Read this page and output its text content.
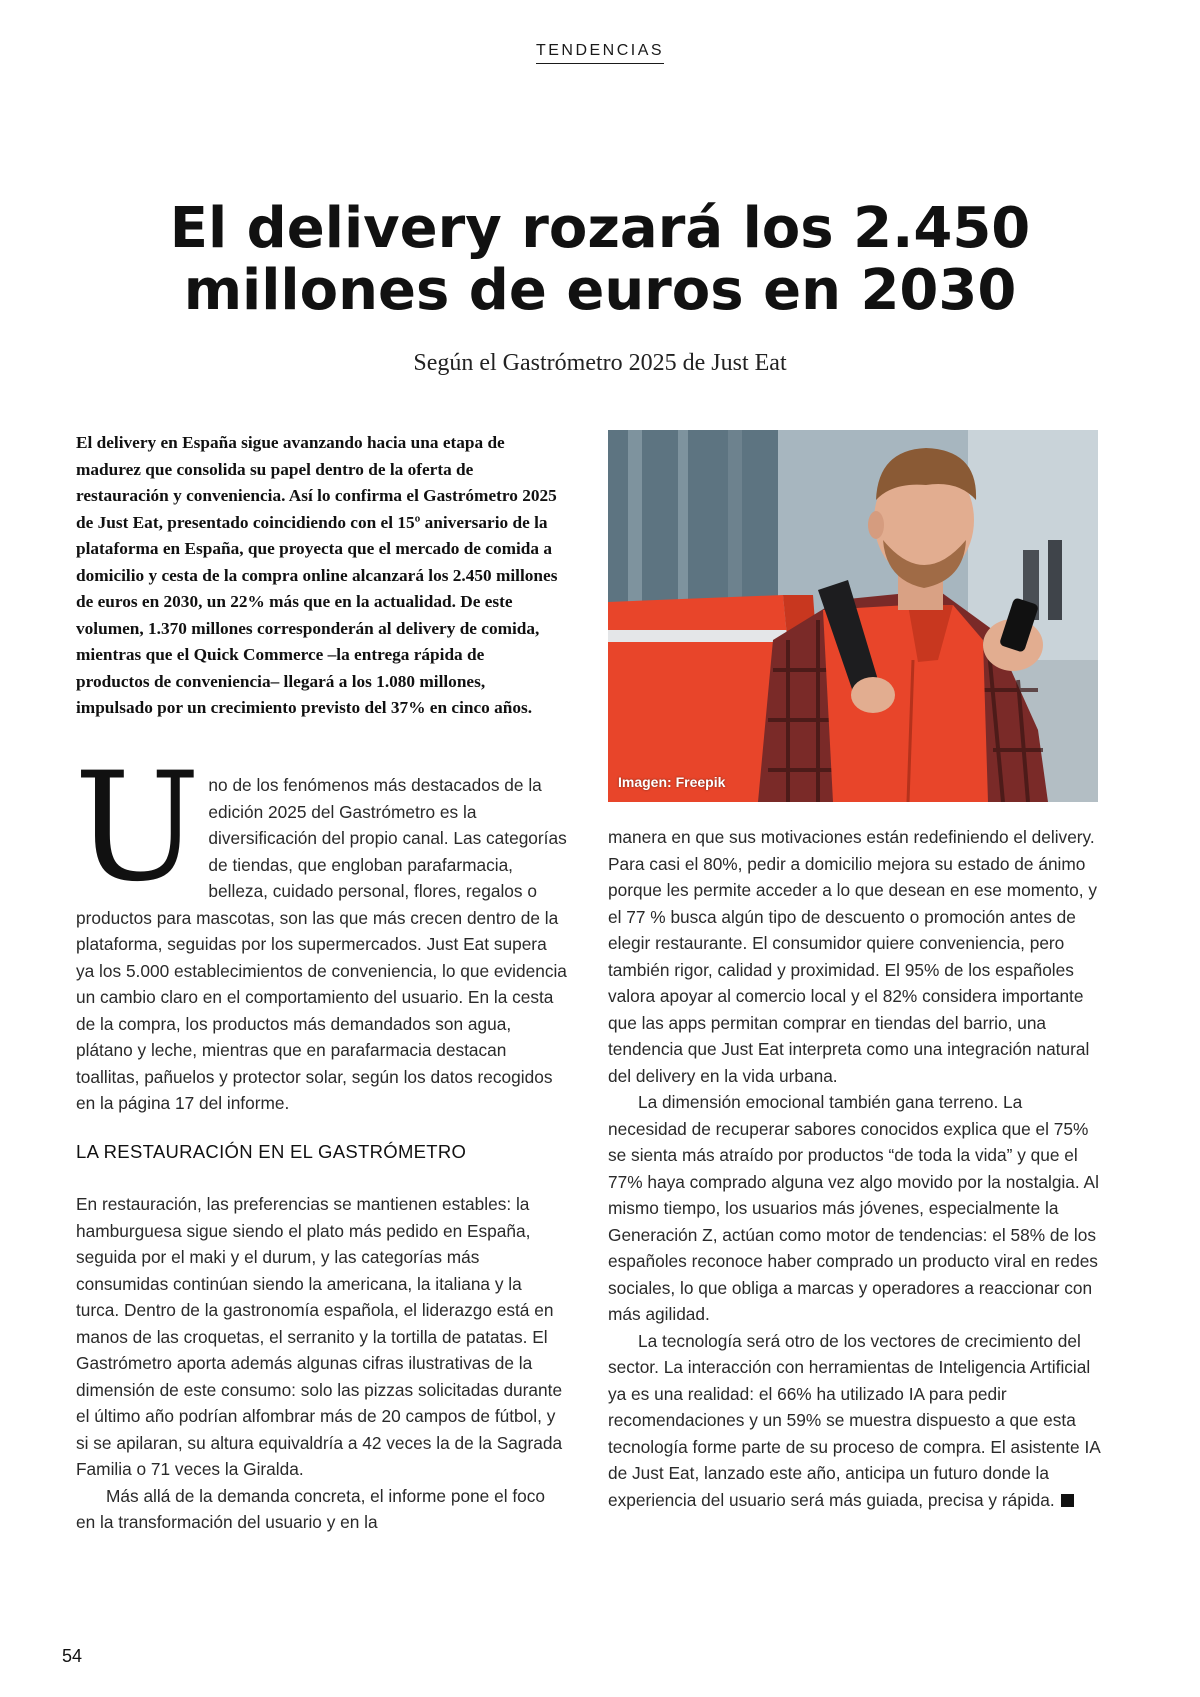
TENDENCIAS
El delivery rozará los 2.450
millones de euros en 2030

Según el Gastrómetro 2025 de Just Eat

El delivery en España sigue avanzando hacia una etapa de madurez que consolida su papel dentro de la oferta de restauración y conveniencia. Así lo confirma el Gastrómetro 2025 de Just Eat, presentado coincidiendo con el 15º aniversario de la plataforma en España, que proyecta que el mercado de comida a domicilio y cesta de la compra online alcanzará los 2.450 millones de euros en 2030, un 22% más que en la actualidad. De este volumen, 1.370 millones corresponderán al delivery de comida, mientras que el Quick Commerce –la entrega rápida de productos de conveniencia– llegará a los 1.080 millones, impulsado por un crecimiento previsto del 37% en cinco años.

Uno de los fenómenos más destacados de la edición 2025 del Gastrómetro es la diversificación del propio canal. Las categorías de tiendas, que engloban parafarmacia, belleza, cuidado personal, flores, regalos o productos para mascotas, son las que más crecen dentro de la plataforma, seguidas por los supermercados. Just Eat supera ya los 5.000 establecimientos de conveniencia, lo que evidencia un cambio claro en el comportamiento del usuario. En la cesta de la compra, los productos más demandados son agua, plátano y leche, mientras que en parafarmacia destacan toallitas, pañuelos y protector solar, según los datos recogidos en la página 17 del informe.

LA RESTAURACIÓN EN EL GASTRÓMETRO

En restauración, las preferencias se mantienen estables: la hamburguesa sigue siendo el plato más pedido en España, seguida por el maki y el durum, y las categorías más consumidas continúan siendo la americana, la italiana y la turca. Dentro de la gastronomía española, el liderazgo está en manos de las croquetas, el serranito y la tortilla de patatas. El Gastrómetro aporta además algunas cifras ilustrativas de la dimensión de este consumo: solo las pizzas solicitadas durante el último año podrían alfombrar más de 20 campos de fútbol, y si se apilaran, su altura equivaldría a 42 veces la de la Sagrada Familia o 71 veces la Giralda.

Más allá de la demanda concreta, el informe pone el foco en la transformación del usuario y en la

Imagen: Freepik

manera en que sus motivaciones están redefiniendo el delivery. Para casi el 80%, pedir a domicilio mejora su estado de ánimo porque les permite acceder a lo que desean en ese momento, y el 77 % busca algún tipo de descuento o promoción antes de elegir restaurante. El consumidor quiere conveniencia, pero también rigor, calidad y proximidad. El 95% de los españoles valora apoyar al comercio local y el 82% considera importante que las apps permitan comprar en tiendas del barrio, una tendencia que Just Eat interpreta como una integración natural del delivery en la vida urbana.

La dimensión emocional también gana terreno. La necesidad de recuperar sabores conocidos explica que el 75% se sienta más atraído por productos “de toda la vida” y que el 77% haya comprado alguna vez algo movido por la nostalgia. Al mismo tiempo, los usuarios más jóvenes, especialmente la Generación Z, actúan como motor de tendencias: el 58% de los españoles reconoce haber comprado un producto viral en redes sociales, lo que obliga a marcas y operadores a reaccionar con más agilidad.

La tecnología será otro de los vectores de crecimiento del sector. La interacción con herramientas de Inteligencia Artificial ya es una realidad: el 66% ha utilizado IA para pedir recomendaciones y un 59% se muestra dispuesto a que esta tecnología forme parte de su proceso de compra. El asistente IA de Just Eat, lanzado este año, anticipa un futuro donde la experiencia del usuario será más guiada, precisa y rápida.

54
